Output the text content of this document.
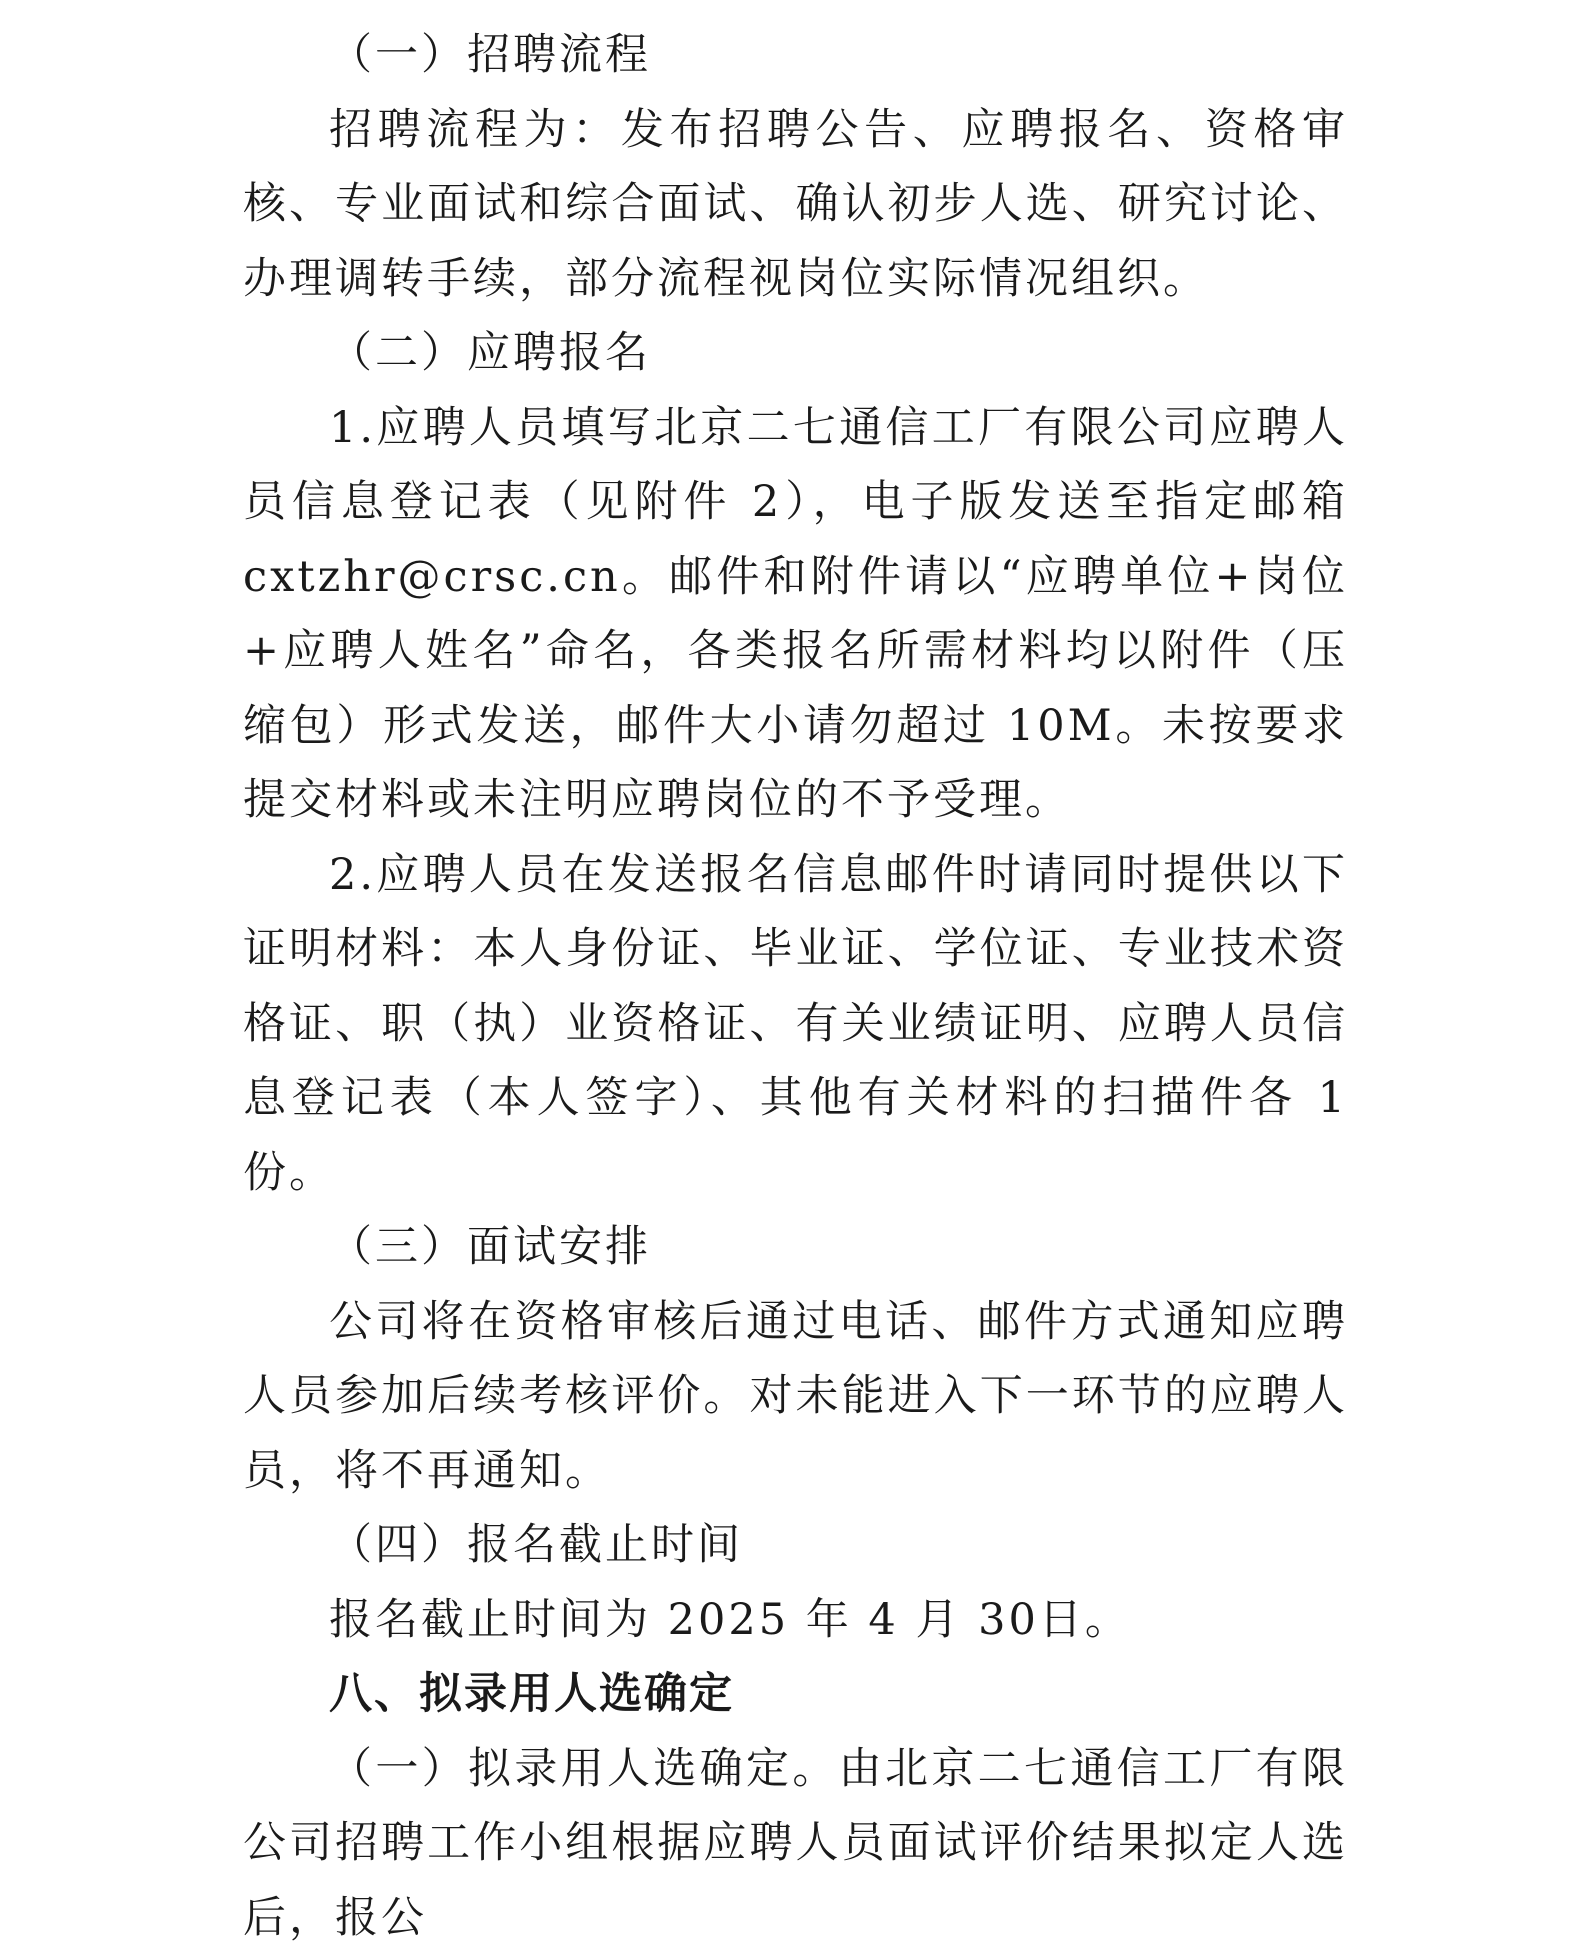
（一）招聘流程

招聘流程为：发布招聘公告、应聘报名、资格审核、专业面试和综合面试、确认初步人选、研究讨论、办理调转手续，部分流程视岗位实际情况组织。

（二）应聘报名

1.应聘人员填写北京二七通信工厂有限公司应聘人员信息登记表（见附件 2），电子版发送至指定邮箱cxtzhr@crsc.cn。邮件和附件请以“应聘单位+岗位+应聘人姓名”命名，各类报名所需材料均以附件（压缩包）形式发送，邮件大小请勿超过 10M。未按要求提交材料或未注明应聘岗位的不予受理。

2.应聘人员在发送报名信息邮件时请同时提供以下证明材料：本人身份证、毕业证、学位证、专业技术资格证、职（执）业资格证、有关业绩证明、应聘人员信息登记表（本人签字）、其他有关材料的扫描件各 1 份。

（三）面试安排

公司将在资格审核后通过电话、邮件方式通知应聘人员参加后续考核评价。对未能进入下一环节的应聘人员，将不再通知。

（四）报名截止时间

报名截止时间为 2025 年 4 月 30日。

八、拟录用人选确定

（一）拟录用人选确定。由北京二七通信工厂有限公司招聘工作小组根据应聘人员面试评价结果拟定人选后，报公
